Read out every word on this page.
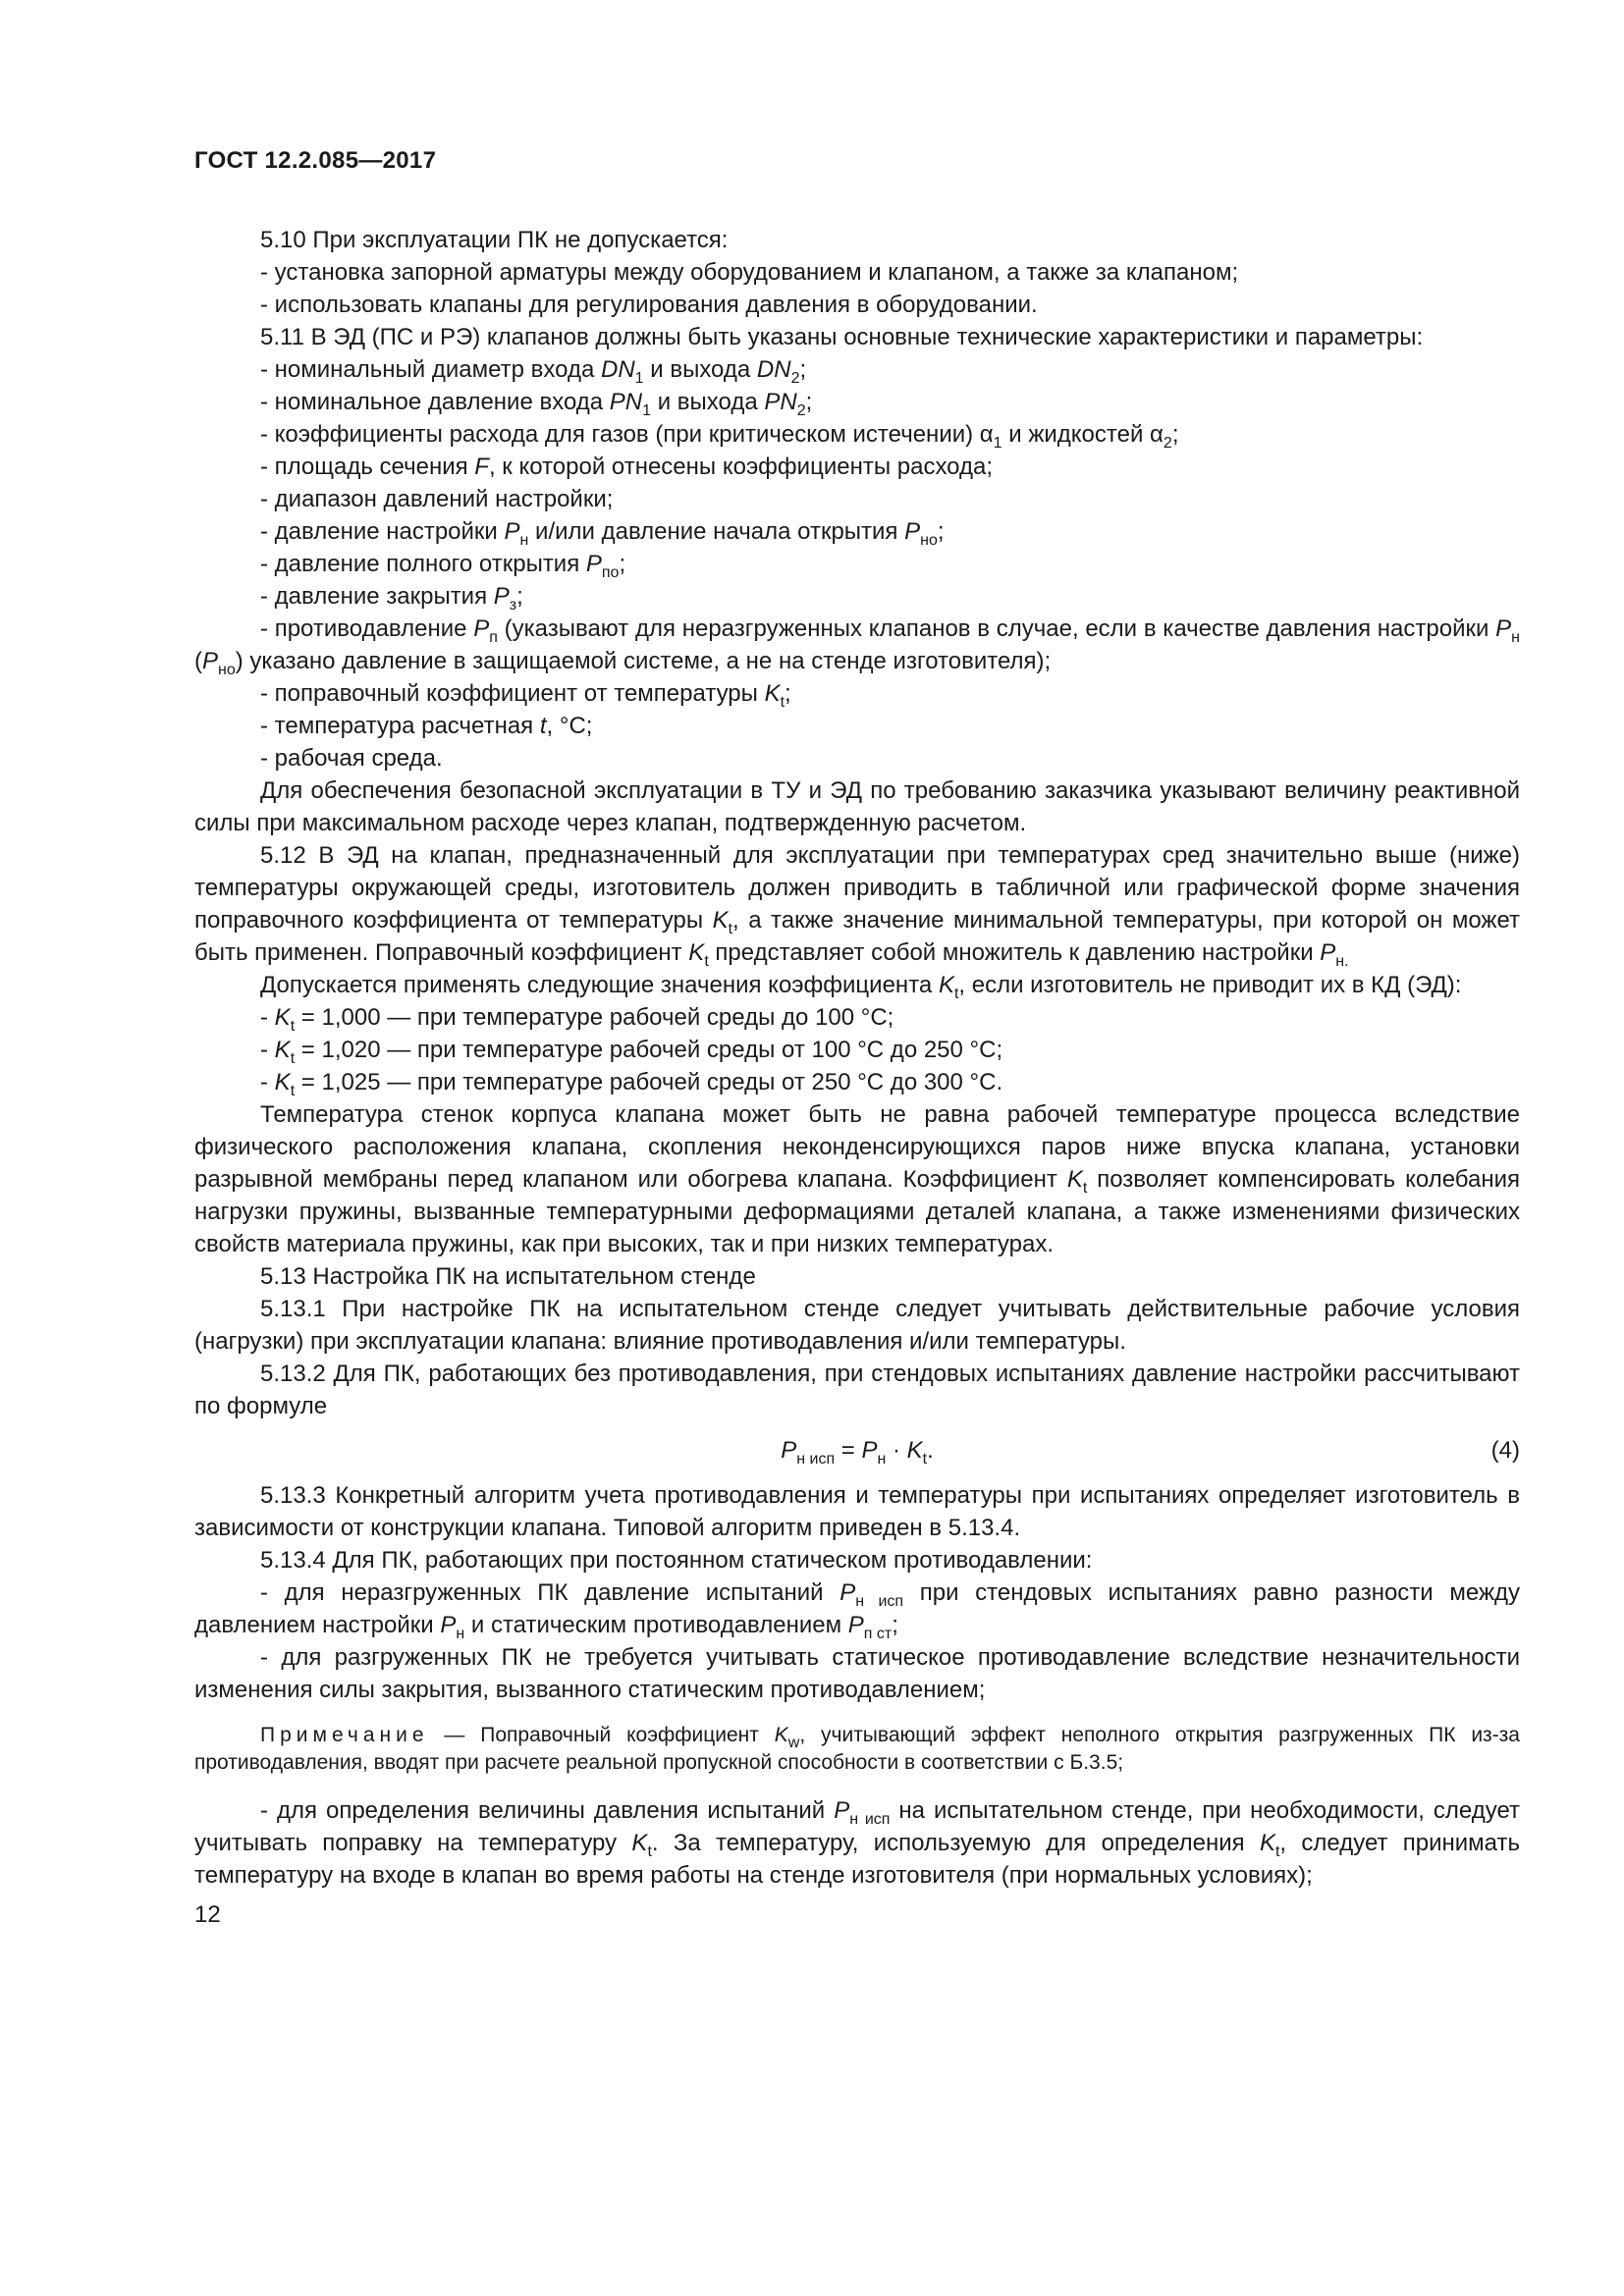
ГОСТ 12.2.085—2017

5.10 При эксплуатации ПК не допускается:

- установка запорной арматуры между оборудованием и клапаном, а также за клапаном;

- использовать клапаны для регулирования давления в оборудовании.

5.11 В ЭД (ПС и РЭ) клапанов должны быть указаны основные технические характеристики и параметры:

- номинальный диаметр входа $DN_1$ и выхода $DN_2$;

- номинальное давление входа $PN_1$ и выхода $PN_2$;

- коэффициенты расхода для газов (при критическом истечении) $\alpha_1$ и жидкостей $\alpha_2$;

- площадь сечения F, к которой отнесены коэффициенты расхода;

- диапазон давлений настройки;

- давление настройки $P_н$ и/или давление начала открытия $P_{но}$;

- давление полного открытия $P_{по}$;

- давление закрытия $P_з$;

- противодавление $P_п$ (указывают для неразгруженных клапанов в случае, если в качестве давления настройки $P_н$ $(P_{но})$ указано давление в защищаемой системе, а не на стенде изготовителя);

- поправочный коэффициент от температуры $K_t$;

- температура расчетная t, °С;

- рабочая среда.

Для обеспечения безопасной эксплуатации в ТУ и ЭД по требованию заказчика указывают величину реактивной силы при максимальном расходе через клапан, подтвержденную расчетом.

5.12 В ЭД на клапан, предназначенный для эксплуатации при температурах сред значительно выше (ниже) температуры окружающей среды, изготовитель должен приводить в табличной или графической форме значения поправочного коэффициента от температуры $K_t$, а также значение минимальной температуры, при которой он может быть применен. Поправочный коэффициент $K_t$ представляет собой множитель к давлению настройки $P_{н.}$

Допускается применять следующие значения коэффициента $K_t$, если изготовитель не приводит их в КД (ЭД):

- $K_t = 1,000$ — при температуре рабочей среды до 100 °С;

- $K_t = 1,020$ — при температуре рабочей среды от 100 °С до 250 °С;

- $K_t = 1,025$ — при температуре рабочей среды от 250 °С до 300 °С.

Температура стенок корпуса клапана может быть не равна рабочей температуре процесса вследствие физического расположения клапана, скопления неконденсирующихся паров ниже впуска клапана, установки разрывной мембраны перед клапаном или обогрева клапана. Коэффициент $K_t$ позволяет компенсировать колебания нагрузки пружины, вызванные температурными деформациями деталей клапана, а также изменениями физических свойств материала пружины, как при высоких, так и при низких температурах.

5.13 Настройка ПК на испытательном стенде

5.13.1 При настройке ПК на испытательном стенде следует учитывать действительные рабочие условия (нагрузки) при эксплуатации клапана: влияние противодавления и/или температуры.

5.13.2 Для ПК, работающих без противодавления, при стендовых испытаниях давление настройки рассчитывают по формуле

$P_{н исп} = P_н \cdot K_t$.	(4)

5.13.3 Конкретный алгоритм учета противодавления и температуры при испытаниях определяет изготовитель в зависимости от конструкции клапана. Типовой алгоритм приведен в 5.13.4.

5.13.4 Для ПК, работающих при постоянном статическом противодавлении:

- для неразгруженных ПК давление испытаний $P_{н исп}$ при стендовых испытаниях равно разности между давлением настройки $P_н$ и статическим противодавлением $P_{п ст}$;

- для разгруженных ПК не требуется учитывать статическое противодавление вследствие незначительности изменения силы закрытия, вызванного статическим противодавлением;

Примечание — Поправочный коэффициент $K_w$, учитывающий эффект неполного открытия разгруженных ПК из-за противодавления, вводят при расчете реальной пропускной способности в соответствии с Б.3.5;

- для определения величины давления испытаний $P_{н исп}$ на испытательном стенде, при необходимости, следует учитывать поправку на температуру $K_t$. За температуру, используемую для определения $K_t$, следует принимать температуру на входе в клапан во время работы на стенде изготовителя (при нормальных условиях);

12
